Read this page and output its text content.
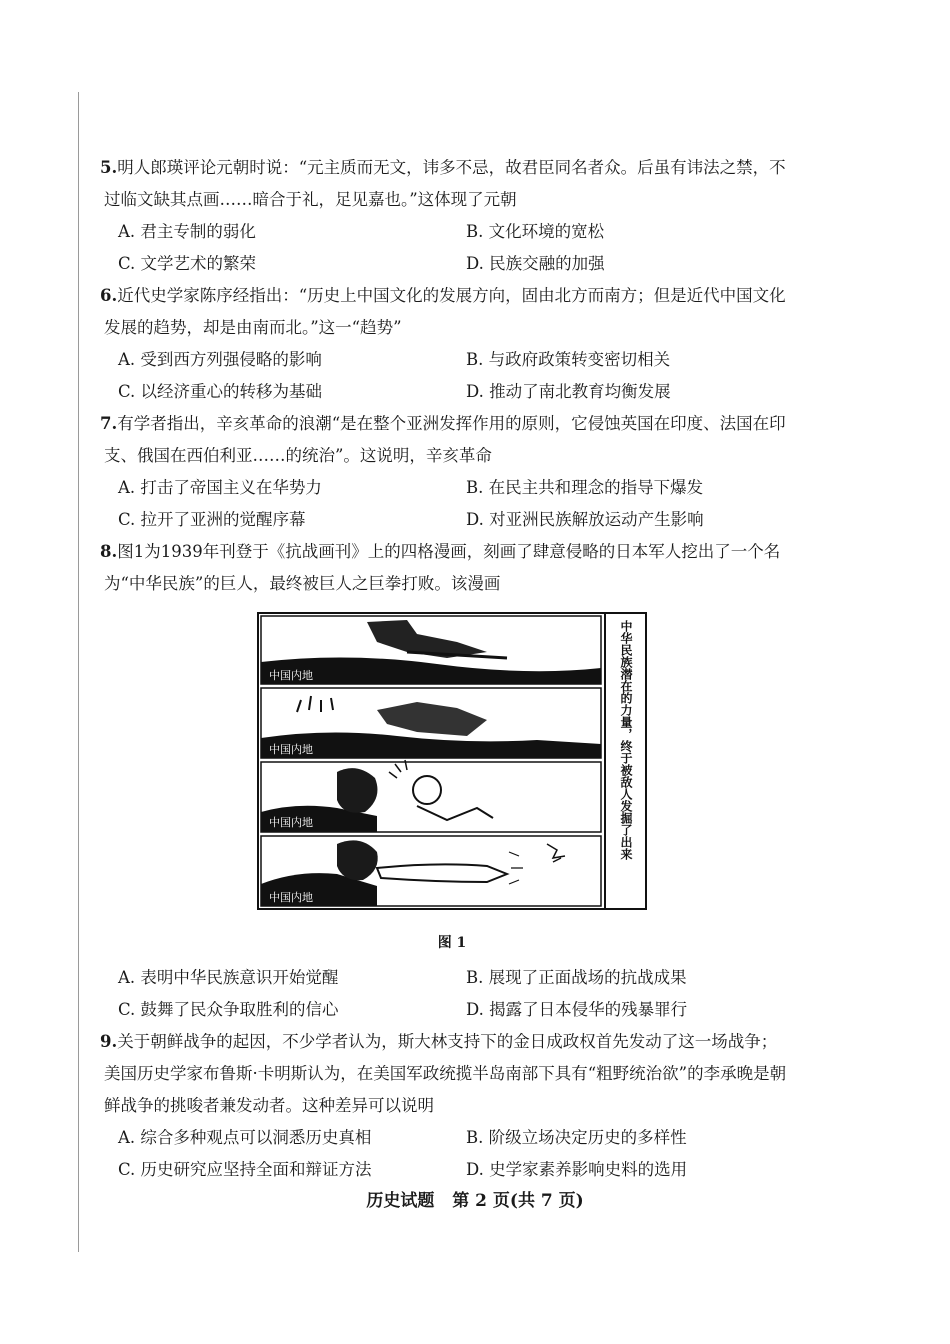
5.明人郎瑛评论元朝时说：“元主质而无文，讳多不忌，故君臣同名者众。后虽有讳法之禁，不过临文缺其点画……暗合于礼，足见嘉也。”这体现了元朝

A. 君主专制的弱化	B. 文化环境的宽松
C. 文学艺术的繁荣	D. 民族交融的加强

6.近代史学家陈序经指出：“历史上中国文化的发展方向，固由北方而南方；但是近代中国文化发展的趋势，却是由南而北。”这一“趋势”

A. 受到西方列强侵略的影响	B. 与政府政策转变密切相关
C. 以经济重心的转移为基础	D. 推动了南北教育均衡发展

7.有学者指出，辛亥革命的浪潮“是在整个亚洲发挥作用的原则，它侵蚀英国在印度、法国在印支、俄国在西伯利亚……的统治”。这说明，辛亥革命

A. 打击了帝国主义在华势力	B. 在民主共和理念的指导下爆发
C. 拉开了亚洲的觉醒序幕	D. 对亚洲民族解放运动产生影响

8.图1为1939年刊登于《抗战画刊》上的四格漫画，刻画了肆意侵略的日本军人挖出了一个名为“中华民族”的巨人，最终被巨人之巨拳打败。该漫画

中国内地
中国内地
中国内地
中国内地
中华民族潜在的力量，终于被敌人发掘了出来
图 1
A. 表明中华民族意识开始觉醒	B. 展现了正面战场的抗战成果
C. 鼓舞了民众争取胜利的信心	D. 揭露了日本侵华的残暴罪行

9.关于朝鲜战争的起因，不少学者认为，斯大林支持下的金日成政权首先发动了这一场战争；美国历史学家布鲁斯·卡明斯认为，在美国军政统揽半岛南部下具有“粗野统治欲”的李承晚是朝鲜战争的挑唆者兼发动者。这种差异可以说明

A. 综合多种观点可以洞悉历史真相	B. 阶级立场决定历史的多样性
C. 历史研究应坚持全面和辩证方法	D. 史学家素养影响史料的选用
历史试题 第 2 页(共 7 页)
